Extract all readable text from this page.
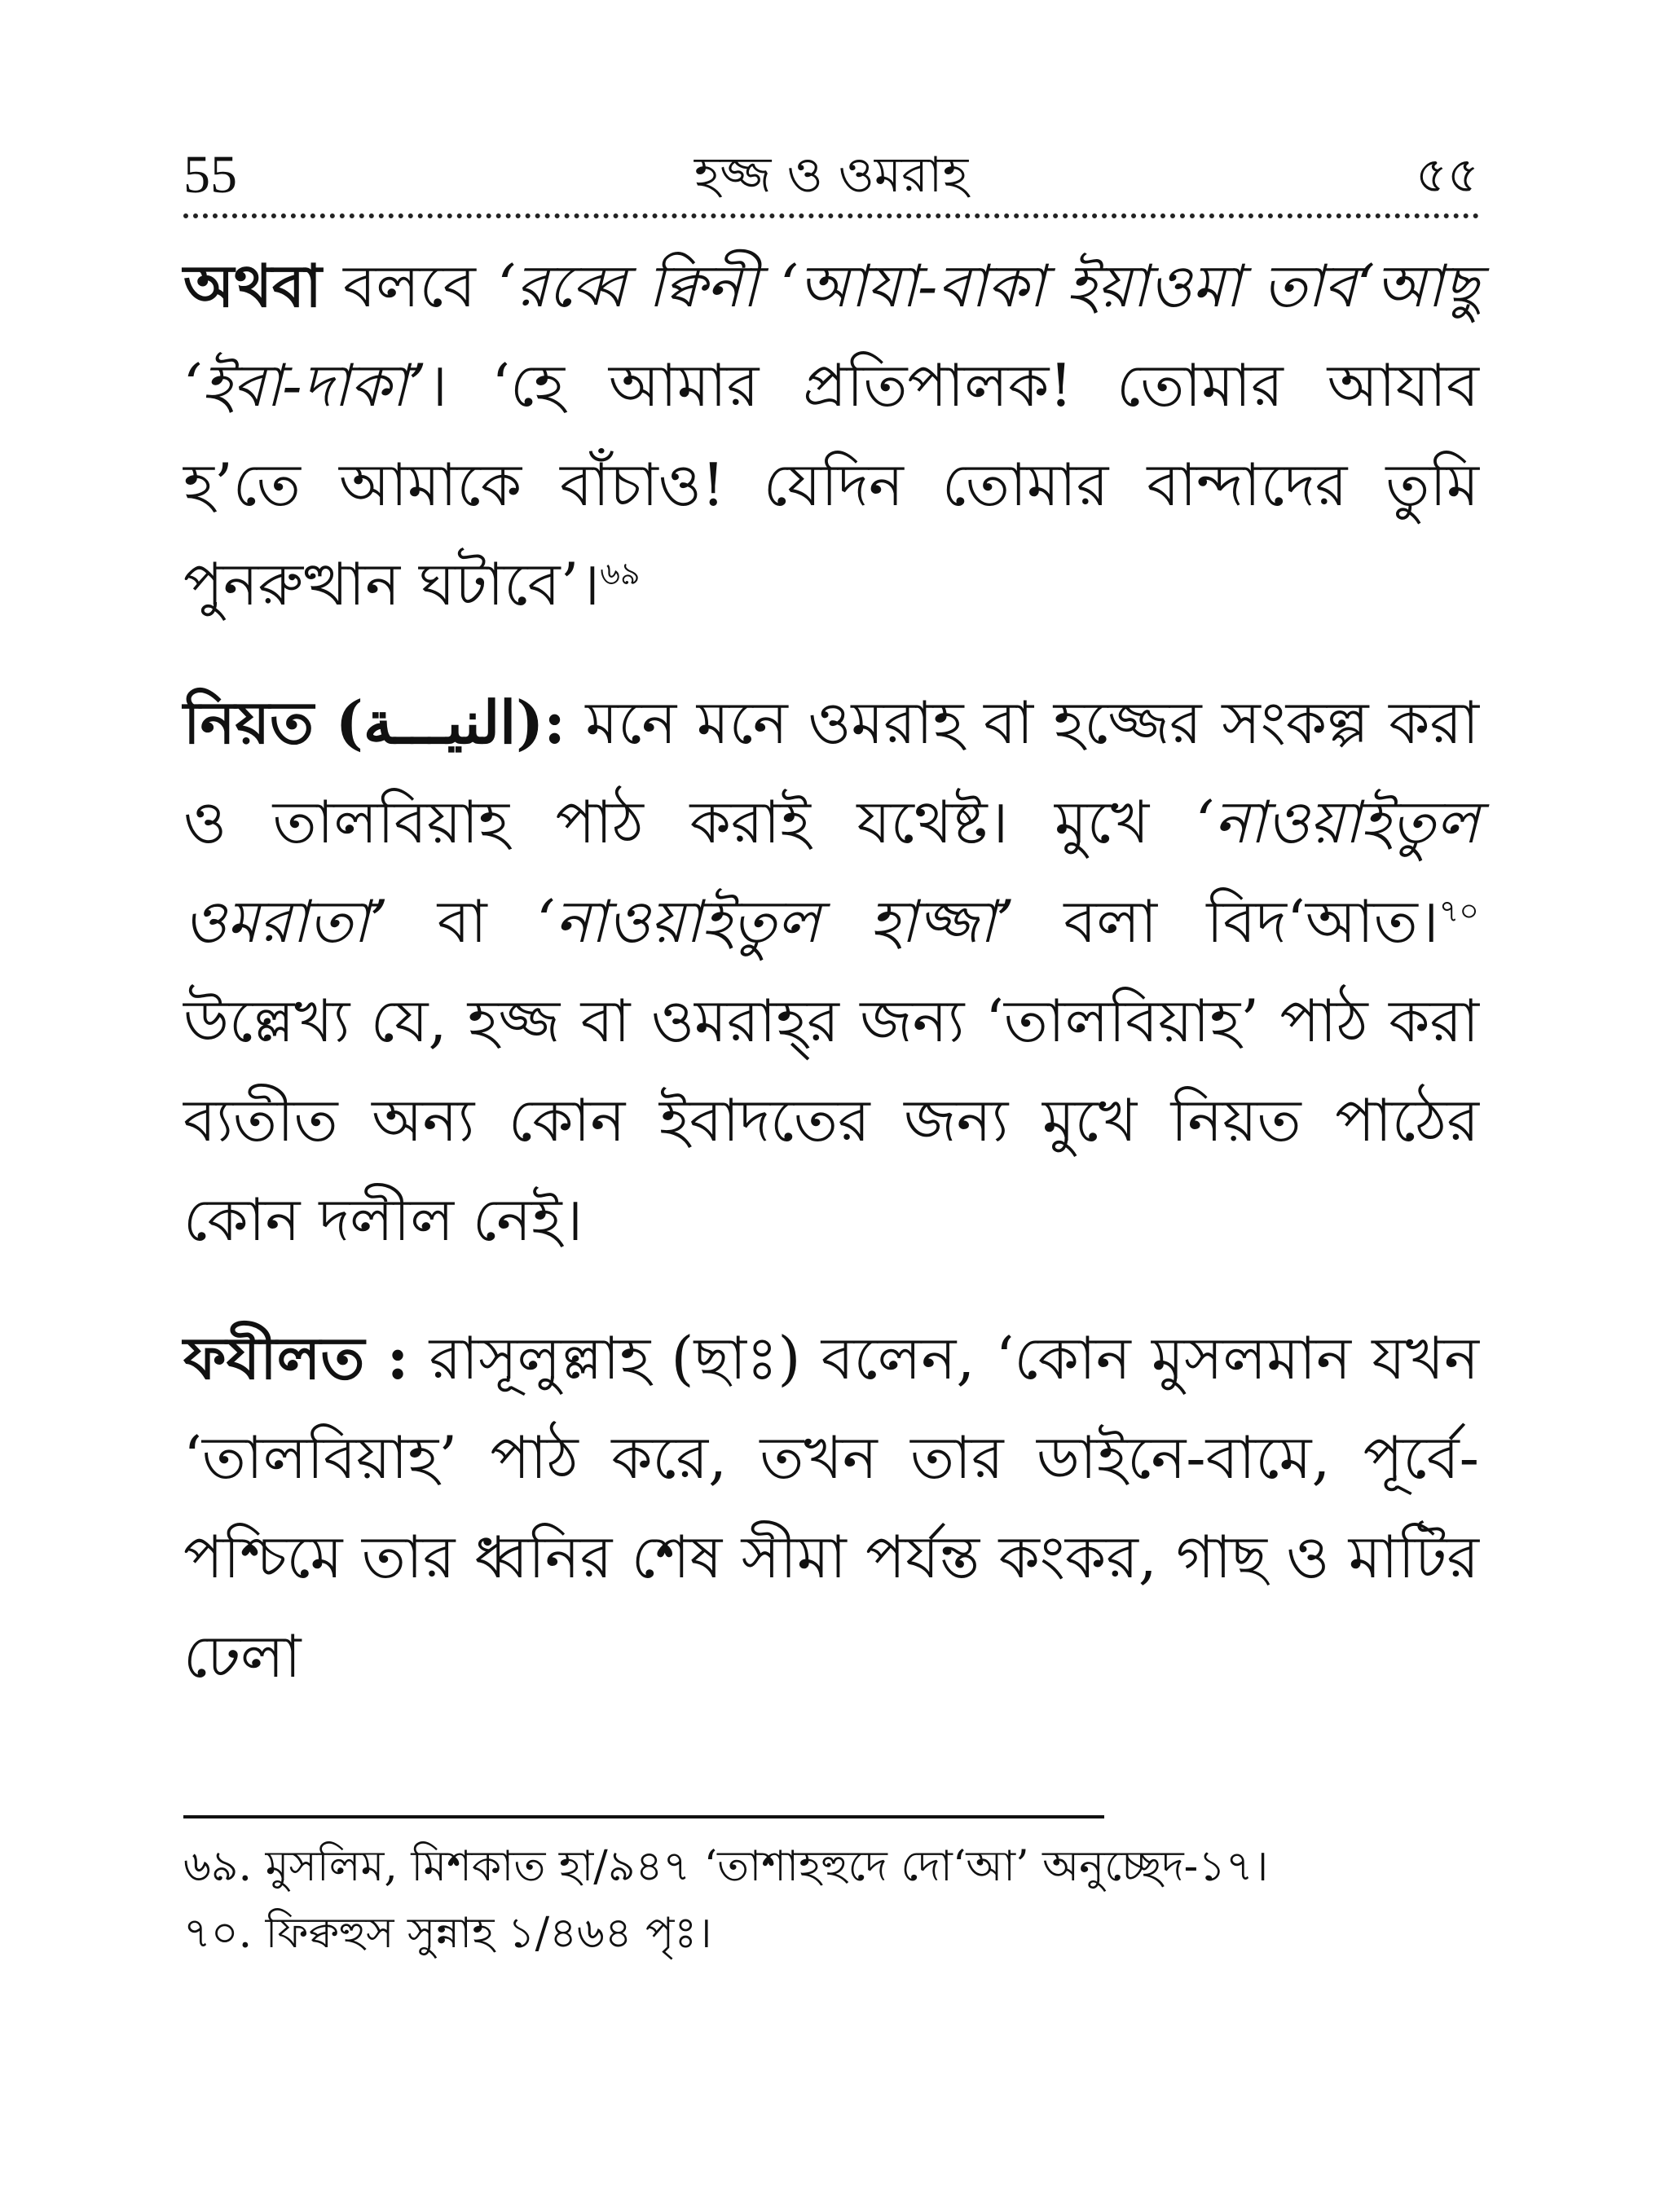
55	হজ্জ ও ওমরাহ	৫৫

অথবা বলবে ‘রব্বে ক্বিনী ‘আযা-বাকা ইয়াওমা তাব‘আছু ‘ইবা-দাকা’। ‘হে আমার প্রতিপালক! তোমার আযাব হ’তে আমাকে বাঁচাও! যেদিন তোমার বান্দাদের তুমি পুনরুত্থান ঘটাবে’।$^{৬৯}$

নিয়ত (النيـــة): মনে মনে ওমরাহ বা হজ্জের সংকল্প করা ও তালবিয়াহ পাঠ করাই যথেষ্ট। মুখে ‘নাওয়াইতুল ওমরাতা’ বা ‘নাওয়াইতুল হাজ্জা’ বলা বিদ‘আত।$^{৭০}$ উল্লেখ্য যে, হজ্জ বা ওমরাহ্‌র জন্য ‘তালবিয়াহ’ পাঠ করা ব্যতীত অন্য কোন ইবাদতের জন্য মুখে নিয়ত পাঠের কোন দলীল নেই।

ফযীলত : রাসূলুল্লাহ (ছাঃ) বলেন, ‘কোন মুসলমান যখন ‘তালবিয়াহ’ পাঠ করে, তখন তার ডাইনে-বামে, পূর্বে-পশ্চিমে তার ধ্বনির শেষ সীমা পর্যন্ত কংকর, গাছ ও মাটির ঢেলা

৬৯. মুসলিম, মিশকাত হা/৯৪৭ ‘তাশাহহুদে দো‘আ’ অনুচ্ছেদ-১৭।

৭০. ফিক্বহুস সুন্নাহ ১/৪৬৪ পৃঃ।
